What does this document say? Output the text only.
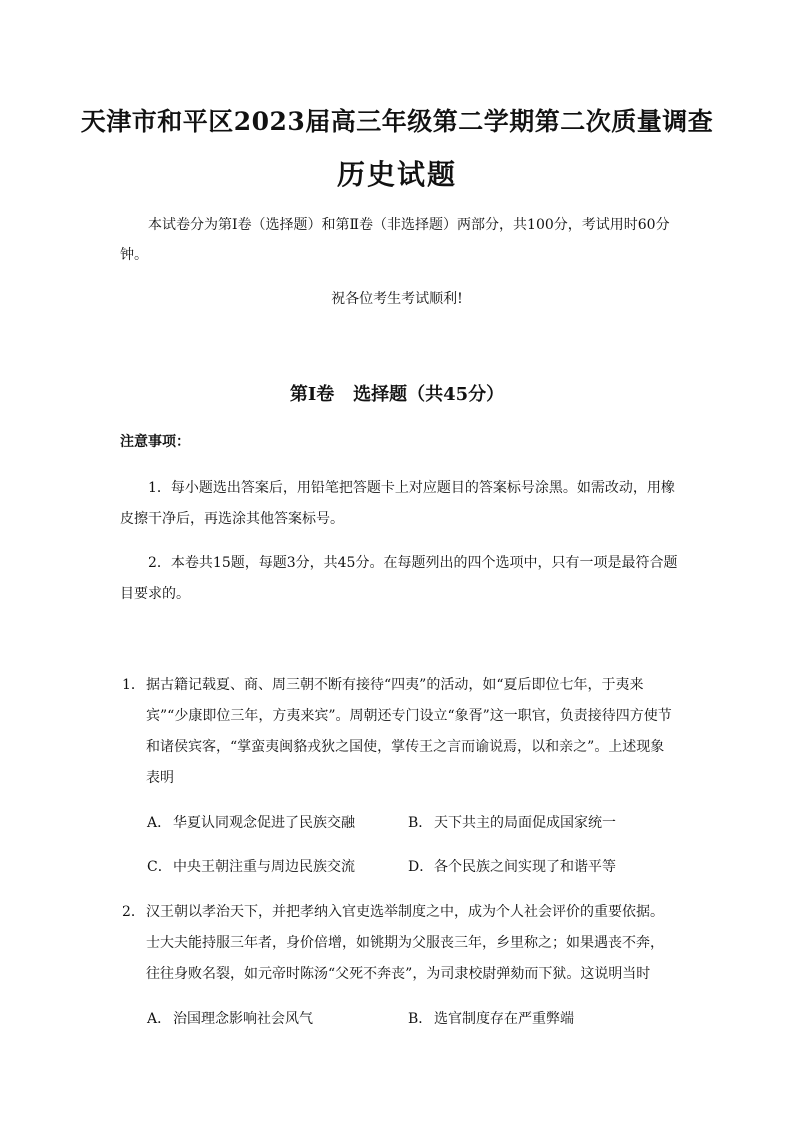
天津市和平区2023届高三年级第二学期第二次质量调查
历史试题
本试卷分为第Ⅰ卷（选择题）和第Ⅱ卷（非选择题）两部分，共100分，考试用时60分钟。
祝各位考生考试顺利!
第Ⅰ卷   选择题（共45分）
注意事项：
1．每小题选出答案后，用铅笔把答题卡上对应题目的答案标号涂黑。如需改动，用橡皮擦干净后，再选涂其他答案标号。
2．本卷共15题，每题3分，共45分。在每题列出的四个选项中，只有一项是最符合题目要求的。
1． 据古籍记载夏、商、周三朝不断有接待“四夷”的活动，如“夏后即位七年，于夷来宾”“少康即位三年，方夷来宾”。周朝还专门设立“象胥”这一职官，负责接待四方使节和诸侯宾客，“掌蛮夷闽貉戎狄之国使，掌传王之言而谕说焉，以和亲之”。上述现象表明
A． 华夏认同观念促进了民族交融	B． 天下共主的局面促成国家统一
C．中央王朝注重与周边民族交流	D．各个民族之间实现了和谐平等
2． 汉王朝以孝治天下，并把孝纳入官吏选举制度之中，成为个人社会评价的重要依据。士大夫能持服三年者，身价倍增，如铫期为父服丧三年，乡里称之；如果遇丧不奔，往往身败名裂，如元帝时陈汤“父死不奔丧”，为司隶校尉弹劾而下狱。这说明当时
A． 治国理念影响社会风气	B． 选官制度存在严重弊端
